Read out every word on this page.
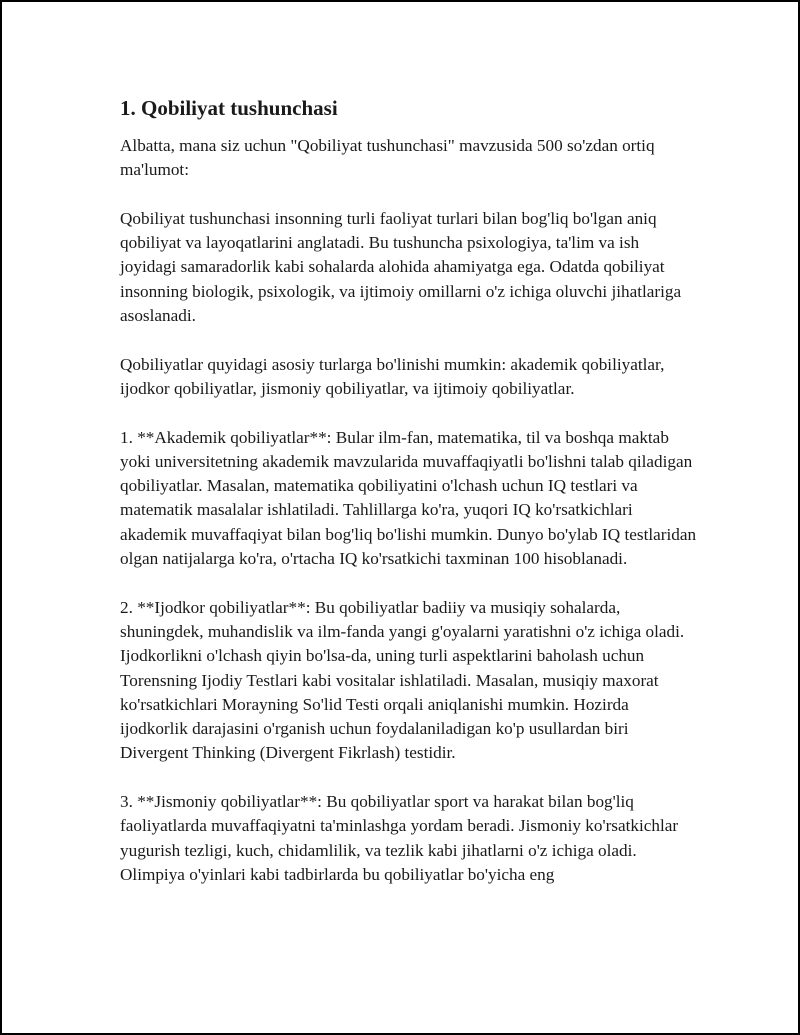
1. Qobiliyat tushunchasi

Albatta, mana siz uchun "Qobiliyat tushunchasi" mavzusida 500 so'zdan ortiq ma'lumot:

Qobiliyat tushunchasi insonning turli faoliyat turlari bilan bog'liq bo'lgan aniq qobiliyat va layoqatlarini anglatadi. Bu tushuncha psixologiya, ta'lim va ish joyidagi samaradorlik kabi sohalarda alohida ahamiyatga ega. Odatda qobiliyat insonning biologik, psixologik, va ijtimoiy omillarni o'z ichiga oluvchi jihatlariga asoslanadi.

Qobiliyatlar quyidagi asosiy turlarga bo'linishi mumkin: akademik qobiliyatlar, ijodkor qobiliyatlar, jismoniy qobiliyatlar, va ijtimoiy qobiliyatlar.

1. **Akademik qobiliyatlar**: Bular ilm-fan, matematika, til va boshqa maktab yoki universitetning akademik mavzularida muvaffaqiyatli bo'lishni talab qiladigan qobiliyatlar. Masalan, matematika qobiliyatini o'lchash uchun IQ testlari va matematik masalalar ishlatiladi. Tahlillarga ko'ra, yuqori IQ ko'rsatkichlari akademik muvaffaqiyat bilan bog'liq bo'lishi mumkin. Dunyo bo'ylab IQ testlaridan olgan natijalarga ko'ra, o'rtacha IQ ko'rsatkichi taxminan 100 hisoblanadi.

2. **Ijodkor qobiliyatlar**: Bu qobiliyatlar badiiy va musiqiy sohalarda, shuningdek, muhandislik va ilm-fanda yangi g'oyalarni yaratishni o'z ichiga oladi. Ijodkorlikni o'lchash qiyin bo'lsa-da, uning turli aspektlarini baholash uchun Torensning Ijodiy Testlari kabi vositalar ishlatiladi. Masalan, musiqiy maxorat ko'rsatkichlari Morayning So'lid Testi orqali aniqlanishi mumkin. Hozirda ijodkorlik darajasini o'rganish uchun foydalaniladigan ko'p usullardan biri Divergent Thinking (Divergent Fikrlash) testidir.

3. **Jismoniy qobiliyatlar**: Bu qobiliyatlar sport va harakat bilan bog'liq faoliyatlarda muvaffaqiyatni ta'minlashga yordam beradi. Jismoniy ko'rsatkichlar yugurish tezligi, kuch, chidamlilik, va tezlik kabi jihatlarni o'z ichiga oladi. Olimpiya o'yinlari kabi tadbirlarda bu qobiliyatlar bo'yicha eng
